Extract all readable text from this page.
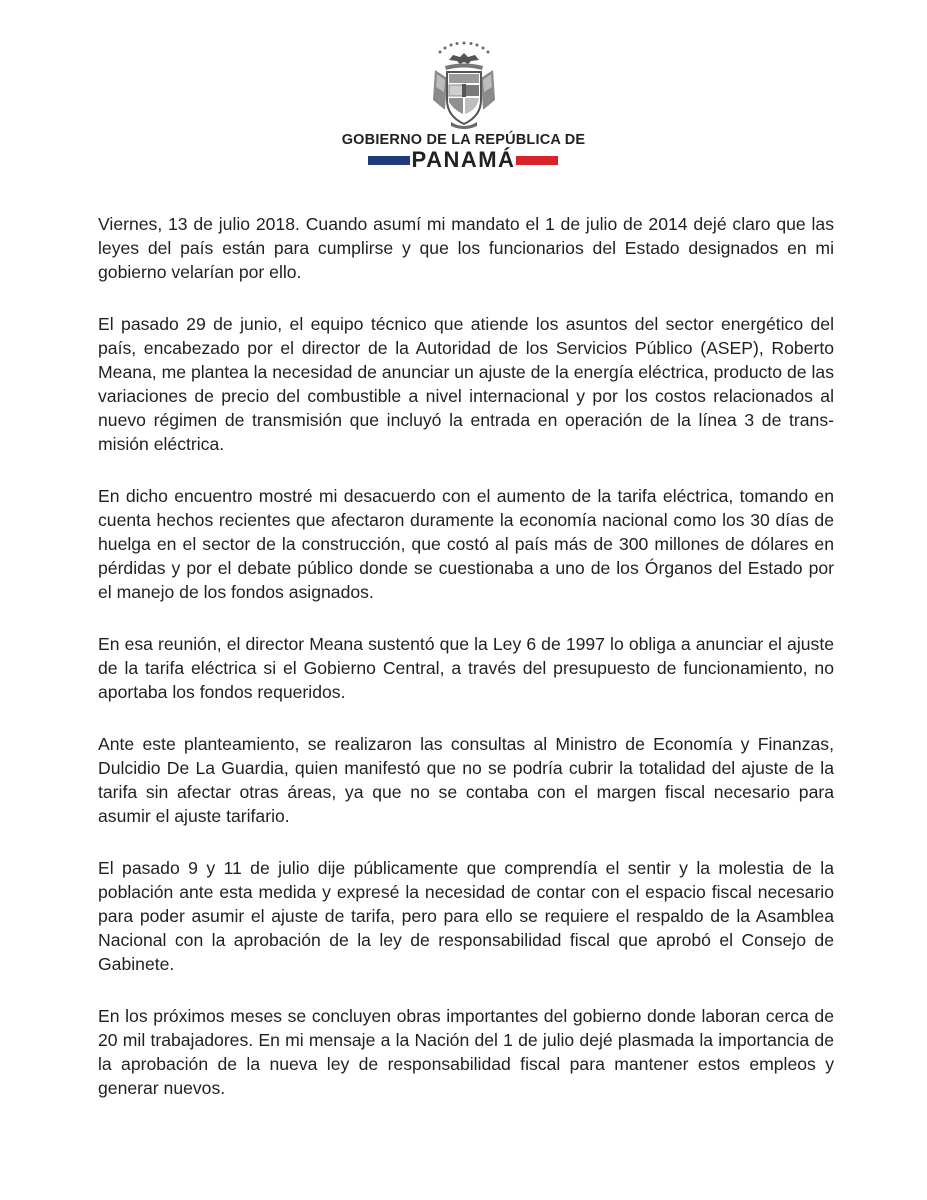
GOBIERNO DE LA REPÚBLICA DE
PANAMÁ

Viernes, 13 de julio 2018. Cuando asumí mi mandato el 1 de julio de 2014 dejé claro que las leyes del país están para cumplirse y que los funcionarios del Estado designados en mi gobierno velarían por ello.

El pasado 29 de junio, el equipo técnico que atiende los asuntos del sector energético del país, encabezado por el director de la Autoridad de los Servicios Público (ASEP), Roberto Meana, me plantea la necesidad de anunciar un ajuste de la energía eléctrica, producto de las variaciones de precio del combustible a nivel internacional y por los costos relacionados al nuevo régimen de transmisión que incluyó la entrada en operación de la línea 3 de transmisión eléctrica.

En dicho encuentro mostré mi desacuerdo con el aumento de la tarifa eléctrica, tomando en cuenta hechos recientes que afectaron duramente la economía nacional como los 30 días de huelga en el sector de la construcción, que costó al país más de 300 millones de dólares en pérdidas y por el debate público donde se cuestionaba a uno de los Órganos del Estado por el manejo de los fondos asignados.

En esa reunión, el director Meana sustentó que la Ley 6 de 1997 lo obliga a anunciar el ajuste de la tarifa eléctrica si el Gobierno Central, a través del presupuesto de funcionamiento, no aportaba los fondos requeridos.

Ante este planteamiento, se realizaron las consultas al Ministro de Economía y Finanzas, Dulcidio De La Guardia, quien manifestó que no se podría cubrir la totalidad del ajuste de la tarifa sin afectar otras áreas, ya que no se contaba con el margen fiscal necesario para asumir el ajuste tarifario.

El pasado 9 y 11 de julio dije públicamente que comprendía el sentir y la molestia de la población ante esta medida y expresé la necesidad de contar con el espacio fiscal necesario para poder asumir el ajuste de tarifa, pero para ello se requiere el respaldo de la Asamblea Nacional con la aprobación de la ley de responsabilidad fiscal que aprobó el Consejo de Gabinete.

En los próximos meses se concluyen obras importantes del gobierno donde laboran cerca de 20 mil trabajadores. En mi mensaje a la Nación del 1 de julio dejé plasmada la importancia de la aprobación de la nueva ley de responsabilidad fiscal para mantener estos empleos y generar nuevos.
